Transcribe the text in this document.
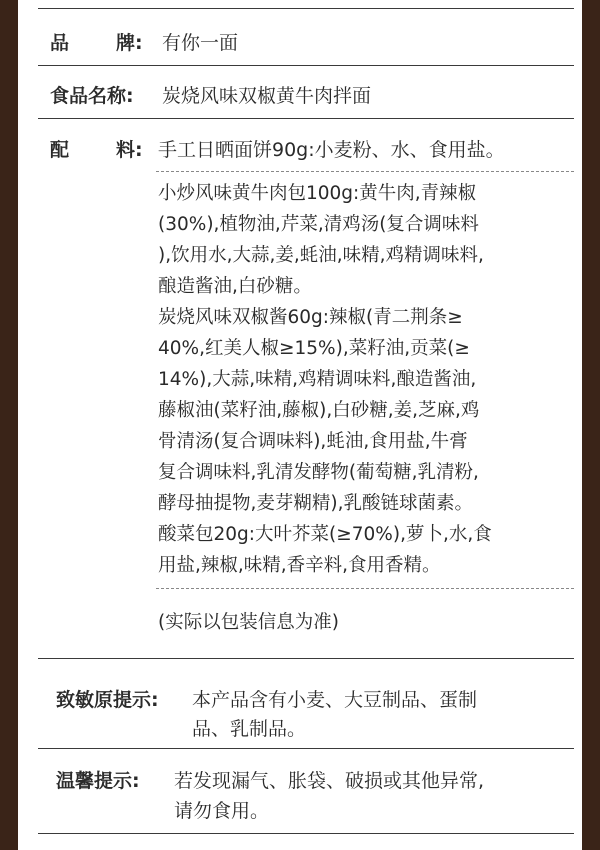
品 牌: 有你一面
食品名称: 炭烧风味双椒黄牛肉拌面
配 料: 手工日晒面饼90g:小麦粉、水、食用盐。
小炒风味黄牛肉包100g:黄牛肉,青辣椒
(30%),植物油,芹菜,清鸡汤(复合调味料
),饮用水,大蒜,姜,蚝油,味精,鸡精调味料,
酿造酱油,白砂糖。
炭烧风味双椒酱60g:辣椒(青二荆条≥
40%,红美人椒≥15%),菜籽油,贡菜(≥
14%),大蒜,味精,鸡精调味料,酿造酱油,
藤椒油(菜籽油,藤椒),白砂糖,姜,芝麻,鸡
骨清汤(复合调味料),蚝油,食用盐,牛膏
复合调味料,乳清发酵物(葡萄糖,乳清粉,
酵母抽提物,麦芽糊精),乳酸链球菌素。
酸菜包20g:大叶芥菜(≥70%),萝卜,水,食
用盐,辣椒,味精,香辛料,食用香精。
(实际以包装信息为准)
致敏原提示: 本产品含有小麦、大豆制品、蛋制
品、乳制品。
温馨提示: 若发现漏气、胀袋、破损或其他异常,
请勿食用。
